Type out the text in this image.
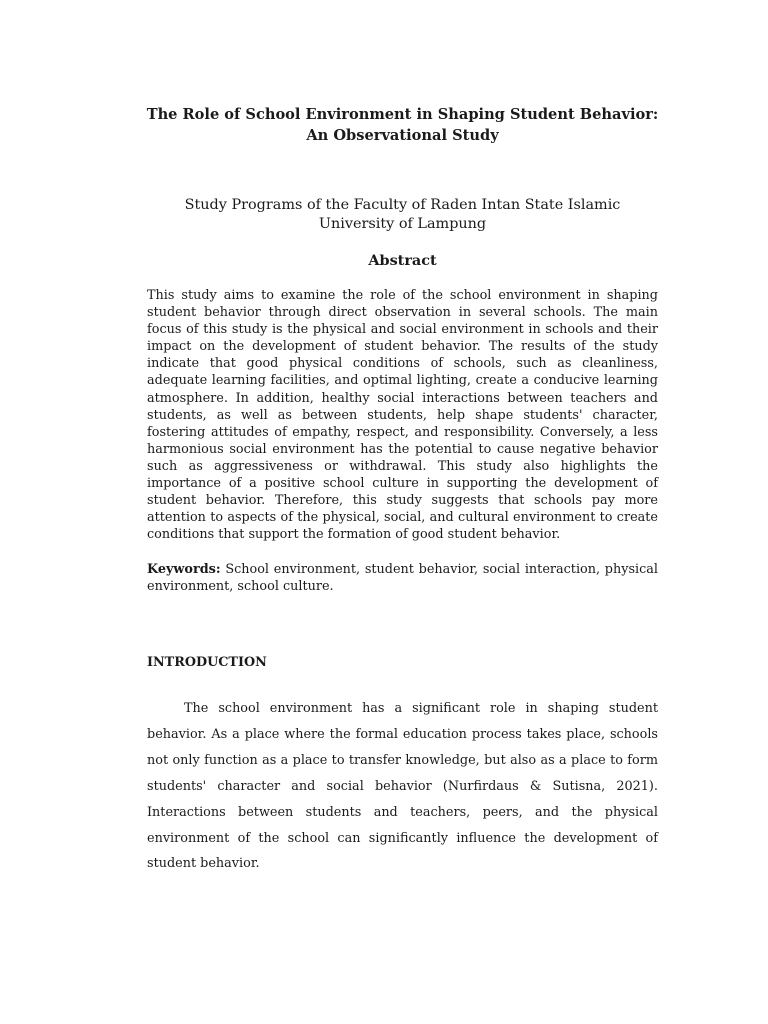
The Role of School Environment in Shaping Student Behavior:
An Observational Study
Study Programs of the Faculty of Raden Intan State Islamic
University of Lampung
Abstract

This study aims to examine the role of the school environment in shaping student behavior through direct observation in several schools. The main focus of this study is the physical and social environment in schools and their impact on the development of student behavior. The results of the study indicate that good physical conditions of schools, such as cleanliness, adequate learning facilities, and optimal lighting, create a conducive learning atmosphere. In addition, healthy social interactions between teachers and students, as well as between students, help shape students' character, fostering attitudes of empathy, respect, and responsibility. Conversely, a less harmonious social environment has the potential to cause negative behavior such as aggressiveness or withdrawal. This study also highlights the importance of a positive school culture in supporting the development of student behavior. Therefore, this study suggests that schools pay more attention to aspects of the physical, social, and cultural environment to create conditions that support the formation of good student behavior.

Keywords: School environment, student behavior, social interaction, physical environment, school culture.

INTRODUCTION

The school environment has a significant role in shaping student behavior. As a place where the formal education process takes place, schools not only function as a place to transfer knowledge, but also as a place to form students' character and social behavior (Nurfirdaus & Sutisna, 2021). Interactions between students and teachers, peers, and the physical environment of the school can significantly influence the development of student behavior.
